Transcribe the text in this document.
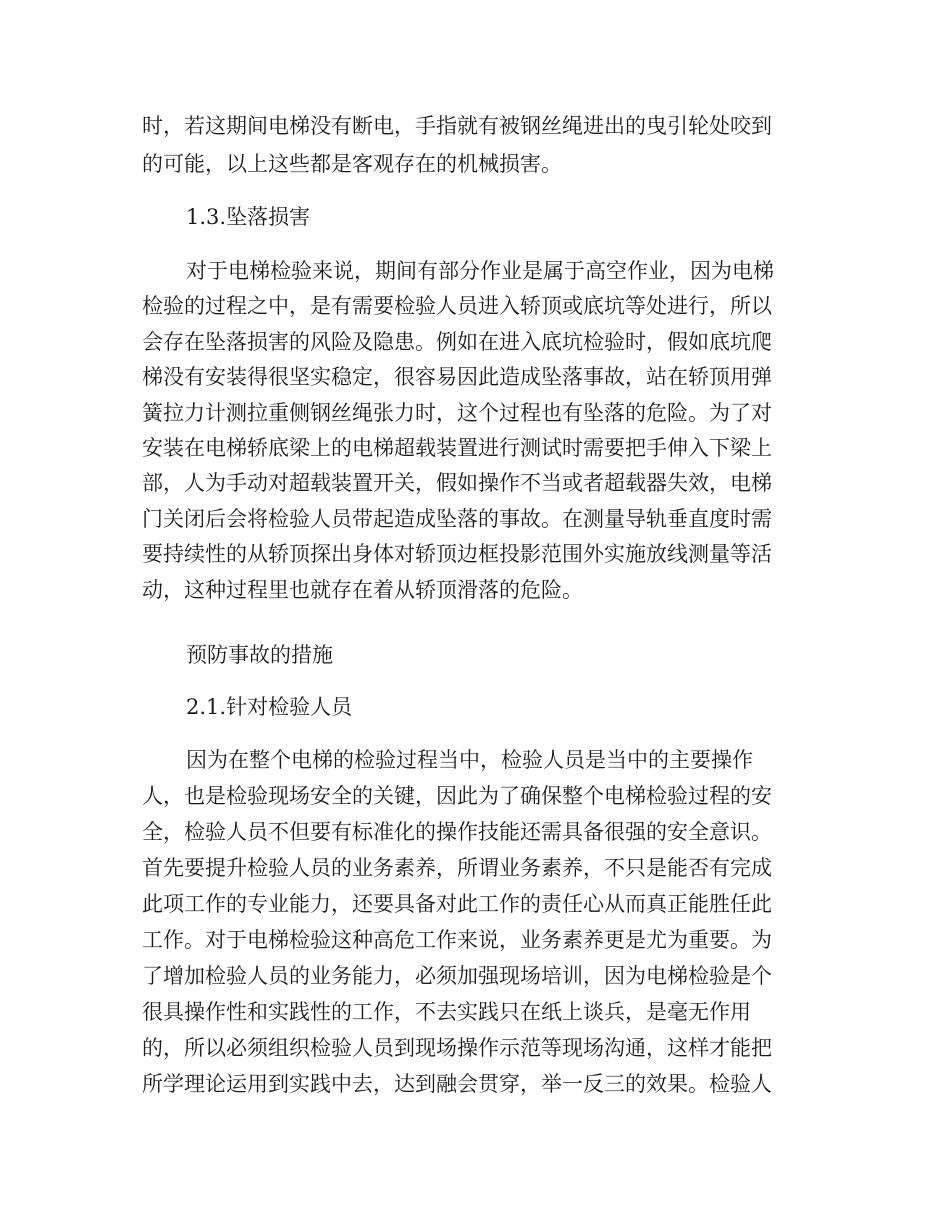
时，若这期间电梯没有断电，手指就有被钢丝绳进出的曳引轮处咬到
的可能，以上这些都是客观存在的机械损害。
1.3.坠落损害
对于电梯检验来说，期间有部分作业是属于高空作业，因为电梯
检验的过程之中，是有需要检验人员进入轿顶或底坑等处进行，所以
会存在坠落损害的风险及隐患。例如在进入底坑检验时，假如底坑爬
梯没有安装得很坚实稳定，很容易因此造成坠落事故，站在轿顶用弹
簧拉力计测拉重侧钢丝绳张力时，这个过程也有坠落的危险。为了对
安装在电梯轿底梁上的电梯超载装置进行测试时需要把手伸入下梁上
部，人为手动对超载装置开关，假如操作不当或者超载器失效，电梯
门关闭后会将检验人员带起造成坠落的事故。在测量导轨垂直度时需
要持续性的从轿顶探出身体对轿顶边框投影范围外实施放线测量等活
动，这种过程里也就存在着从轿顶滑落的危险。
预防事故的措施
2.1.针对检验人员
因为在整个电梯的检验过程当中，检验人员是当中的主要操作
人，也是检验现场安全的关键，因此为了确保整个电梯检验过程的安
全，检验人员不但要有标准化的操作技能还需具备很强的安全意识。
首先要提升检验人员的业务素养，所谓业务素养，不只是能否有完成
此项工作的专业能力，还要具备对此工作的责任心从而真正能胜任此
工作。对于电梯检验这种高危工作来说，业务素养更是尤为重要。为
了增加检验人员的业务能力，必须加强现场培训，因为电梯检验是个
很具操作性和实践性的工作，不去实践只在纸上谈兵，是毫无作用
的，所以必须组织检验人员到现场操作示范等现场沟通，这样才能把
所学理论运用到实践中去，达到融会贯穿，举一反三的效果。检验人
